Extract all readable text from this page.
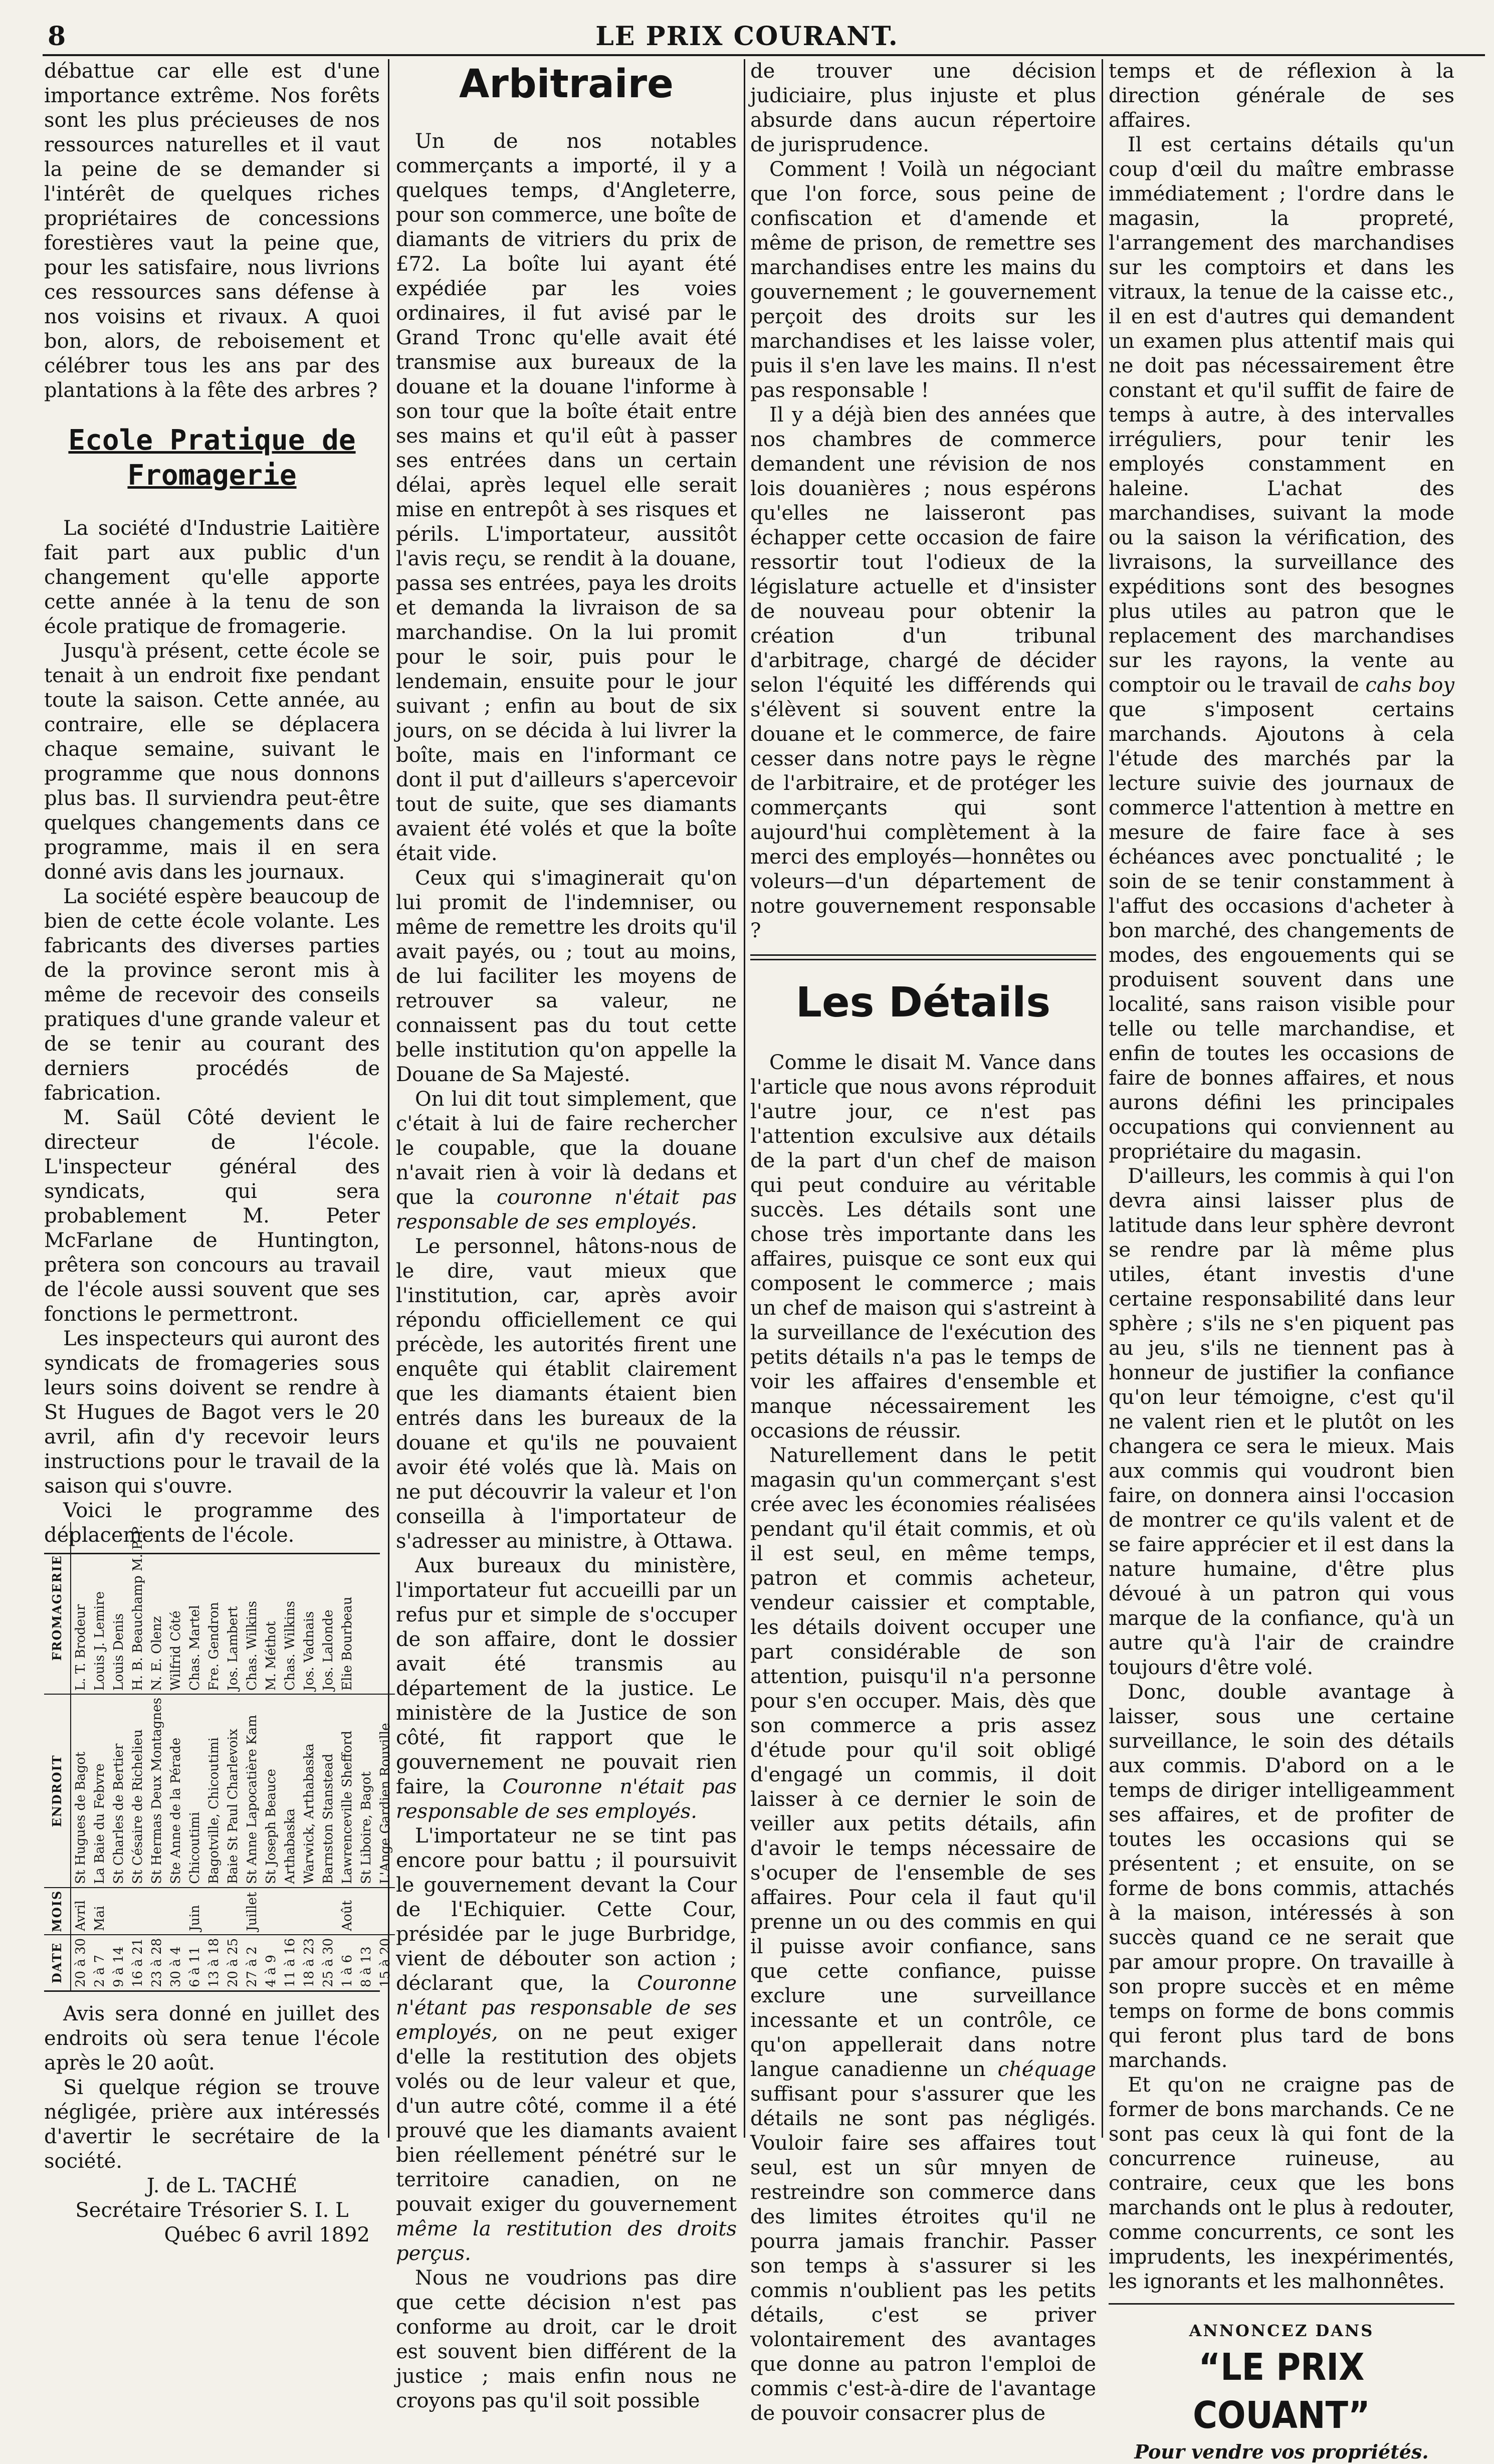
8	LE PRIX COURANT.

débattue car elle est d'une importance extrême. Nos forêts sont les plus précieuses de nos ressources naturelles et il vaut la peine de se demander si l'intérêt de quelques riches propriétaires de concessions forestières vaut la peine que, pour les satisfaire, nous livrions ces ressources sans défense à nos voisins et rivaux. A quoi bon, alors, de reboisement et célébrer tous les ans par des plantations à la fête des arbres ?

Ecole Pratique de Fromagerie

La société d'Industrie Laitière fait part aux public d'un changement qu'elle apporte cette année à la tenu de son école pratique de fromagerie.

Jusqu'à présent, cette école se tenait à un endroit fixe pendant toute la saison. Cette année, au contraire, elle se déplacera chaque semaine, suivant le programme que nous donnons plus bas. Il surviendra peut-être quelques changements dans ce programme, mais il en sera donné avis dans les journaux.

La société espère beaucoup de bien de cette école volante. Les fabricants des diverses parties de la province seront mis à même de recevoir des conseils pratiques d'une grande valeur et de se tenir au courant des derniers procédés de fabrication.

M. Saül Côté devient le directeur de l'école. L'inspecteur général des syndicats, qui sera probablement M. Peter McFarlane de Huntington, prêtera son concours au travail de l'école aussi souvent que ses fonctions le permettront.

Les inspecteurs qui auront des syndicats de fromageries sous leurs soins doivent se rendre à St Hugues de Bagot vers le 20 avril, afin d'y recevoir leurs instructions pour le travail de la saison qui s'ouvre.

Voici le programme des déplacements de l'école.

DATE	MOIS	ENDROIT	FROMAGERIE
20 à 30	Avril	St Hugues de Bagot	L. T. Brodeur
2 à 7	Mai	La Baie du Febvre	Louis J. Lemire
9 à 14		St Charles de Bertier	Louis Denis
16 à 21		St Césaire de Richelieu	H. B. Beauchamp M. P. P.
23 à 28		St Hermas Deux Montagnes	N. E. Olenz
30 à 4		Ste Anne de la Pérade	Wilfrid Côté
6 à 11	Juin	Chicoutimi	Chas. Martel
13 à 18		Bagotville, Chicoutimi	Fre. Gendron
20 à 25		Baie St Paul Charlevoix	Jos. Lambert
27 à 2	Juillet	St Anne Lapocatière Kam	Chas. Wilkins
4 à 9		St Joseph Beauce	M. Méthot
11 à 16		Arthabaska	Chas. Wilkins
18 à 23		Warwick, Arthabaska	Jos. Vadnais
25 à 30		Barnston Stanstead	Jos. Lalonde
1 à 6	Août	Lawrenceville Shefford	Elie Bourbeau
8 à 13		St Liboire, Bagot	
15 à 20		L'Ange Gardien Rouville	

Avis sera donné en juillet des endroits où sera tenue l'école après le 20 août.

Si quelque région se trouve négligée, prière aux intéressés d'avertir le secrétaire de la société.

J. de L. TACHÉ

Secrétaire Trésorier S. I. L

Québec 6 avril 1892

Arbitraire

Un de nos notables commerçants a importé, il y a quelques temps, d'Angleterre, pour son commerce, une boîte de diamants de vitriers du prix de £72. La boîte lui ayant été expédiée par les voies ordinaires, il fut avisé par le Grand Tronc qu'elle avait été transmise aux bureaux de la douane et la douane l'informe à son tour que la boîte était entre ses mains et qu'il eût à passer ses entrées dans un certain délai, après lequel elle serait mise en entrepôt à ses risques et périls. L'importateur, aussitôt l'avis reçu, se rendit à la douane, passa ses entrées, paya les droits et demanda la livraison de sa marchandise. On la lui promit pour le soir, puis pour le lendemain, ensuite pour le jour suivant ; enfin au bout de six jours, on se décida à lui livrer la boîte, mais en l'informant ce dont il put d'ailleurs s'apercevoir tout de suite, que ses diamants avaient été volés et que la boîte était vide.

Ceux qui s'imaginerait qu'on lui promit de l'indemniser, ou même de remettre les droits qu'il avait payés, ou ; tout au moins, de lui faciliter les moyens de retrouver sa valeur, ne connaissent pas du tout cette belle institution qu'on appelle la Douane de Sa Majesté.

On lui dit tout simplement, que c'était à lui de faire rechercher le coupable, que la douane n'avait rien à voir là dedans et que la couronne n'était pas responsable de ses employés.

Le personnel, hâtons-nous de le dire, vaut mieux que l'institution, car, après avoir répondu officiellement ce qui précède, les autorités firent une enquête qui établit clairement que les diamants étaient bien entrés dans les bureaux de la douane et qu'ils ne pouvaient avoir été volés que là. Mais on ne put découvrir la valeur et l'on conseilla à l'importateur de s'adresser au ministre, à Ottawa.

Aux bureaux du ministère, l'importateur fut accueilli par un refus pur et simple de s'occuper de son affaire, dont le dossier avait été transmis au département de la justice. Le ministère de la Justice de son côté, fit rapport que le gouvernement ne pouvait rien faire, la Couronne n'était pas responsable de ses employés.

L'importateur ne se tint pas encore pour battu ; il poursuivit le gouvernement devant la Cour de l'Echiquier. Cette Cour, présidée par le juge Burbridge, vient de débouter son action ; déclarant que, la Couronne n'étant pas responsable de ses employés, on ne peut exiger d'elle la restitution des objets volés ou de leur valeur et que, d'un autre côté, comme il a été prouvé que les diamants avaient bien réellement pénétré sur le territoire canadien, on ne pouvait exiger du gouvernement même la restitution des droits perçus.

Nous ne voudrions pas dire que cette décision n'est pas conforme au droit, car le droit est souvent bien différent de la justice ; mais enfin nous ne croyons pas qu'il soit possible

de trouver une décision judiciaire, plus injuste et plus absurde dans aucun répertoire de jurisprudence.

Comment ! Voilà un négociant que l'on force, sous peine de confiscation et d'amende et même de prison, de remettre ses marchandises entre les mains du gouvernement ; le gouvernement perçoit des droits sur les marchandises et les laisse voler, puis il s'en lave les mains. Il n'est pas responsable !

Il y a déjà bien des années que nos chambres de commerce demandent une révision de nos lois douanières ; nous espérons qu'elles ne laisseront pas échapper cette occasion de faire ressortir tout l'odieux de la législature actuelle et d'insister de nouveau pour obtenir la création d'un tribunal d'arbitrage, chargé de décider selon l'équité les différends qui s'élèvent si souvent entre la douane et le commerce, de faire cesser dans notre pays le règne de l'arbitraire, et de protéger les commerçants qui sont aujourd'hui complètement à la merci des employés—honnêtes ou voleurs—d'un département de notre gouvernement responsable ?

Les Détails

Comme le disait M. Vance dans l'article que nous avons réproduit l'autre jour, ce n'est pas l'attention exculsive aux détails de la part d'un chef de maison qui peut conduire au véritable succès. Les détails sont une chose très importante dans les affaires, puisque ce sont eux qui composent le commerce ; mais un chef de maison qui s'astreint à la surveillance de l'exécution des petits détails n'a pas le temps de voir les affaires d'ensemble et manque nécessairement les occasions de réussir.

Naturellement dans le petit magasin qu'un commerçant s'est crée avec les économies réalisées pendant qu'il était commis, et où il est seul, en même temps, patron et commis acheteur, vendeur caissier et comptable, les détails doivent occuper une part considérable de son attention, puisqu'il n'a personne pour s'en occuper. Mais, dès que son commerce a pris assez d'étude pour qu'il soit obligé d'engagé un commis, il doit laisser à ce dernier le soin de veiller aux petits détails, afin d'avoir le temps nécessaire de s'ocuper de l'ensemble de ses affaires. Pour cela il faut qu'il prenne un ou des commis en qui il puisse avoir confiance, sans que cette confiance, puisse exclure une surveillance incessante et un contrôle, ce qu'on appellerait dans notre langue canadienne un chéquage suffisant pour s'assurer que les détails ne sont pas négligés. Vouloir faire ses affaires tout seul, est un sûr mnyen de restreindre son commerce dans des limites étroites qu'il ne pourra jamais franchir. Passer son temps à s'assurer si les commis n'oublient pas les petits détails, c'est se priver volontairement des avantages que donne au patron l'emploi de commis c'est-à-dire de l'avantage de pouvoir consacrer plus de

temps et de réflexion à la direction générale de ses affaires.

Il est certains détails qu'un coup d'œil du maître embrasse immédiatement ; l'ordre dans le magasin, la propreté, l'arrangement des marchandises sur les comptoirs et dans les vitraux, la tenue de la caisse etc., il en est d'autres qui demandent un examen plus attentif mais qui ne doit pas nécessairement être constant et qu'il suffit de faire de temps à autre, à des intervalles irréguliers, pour tenir les employés constamment en haleine. L'achat des marchandises, suivant la mode ou la saison la vérification, des livraisons, la surveillance des expéditions sont des besognes plus utiles au patron que le replacement des marchandises sur les rayons, la vente au comptoir ou le travail de cahs boy que s'imposent certains marchands. Ajoutons à cela l'étude des marchés par la lecture suivie des journaux de commerce l'attention à mettre en mesure de faire face à ses échéances avec ponctualité ; le soin de se tenir constamment à l'affut des occasions d'acheter à bon marché, des changements de modes, des engouements qui se produisent souvent dans une localité, sans raison visible pour telle ou telle marchandise, et enfin de toutes les occasions de faire de bonnes affaires, et nous aurons défini les principales occupations qui conviennent au propriétaire du magasin.

D'ailleurs, les commis à qui l'on devra ainsi laisser plus de latitude dans leur sphère devront se rendre par là même plus utiles, étant investis d'une certaine responsabilité dans leur sphère ; s'ils ne s'en piquent pas au jeu, s'ils ne tiennent pas à honneur de justifier la confiance qu'on leur témoigne, c'est qu'il ne valent rien et le plutôt on les changera ce sera le mieux. Mais aux commis qui voudront bien faire, on donnera ainsi l'occasion de montrer ce qu'ils valent et de se faire apprécier et il est dans la nature humaine, d'être plus dévoué à un patron qui vous marque de la confiance, qu'à un autre qu'à l'air de craindre toujours d'être volé.

Donc, double avantage à laisser, sous une certaine surveillance, le soin des détails aux commis. D'abord on a le temps de diriger intelligeamment ses affaires, et de profiter de toutes les occasions qui se présentent ; et ensuite, on se forme de bons commis, attachés à la maison, intéressés à son succès quand ce ne serait que par amour propre. On travaille à son propre succès et en même temps on forme de bons commis qui feront plus tard de bons marchands.

Et qu'on ne craigne pas de former de bons marchands. Ce ne sont pas ceux là qui font de la concurrence ruineuse, au contraire, ceux que les bons marchands ont le plus à redouter, comme concurrents, ce sont les imprudents, les inexpérimentés, les ignorants et les malhonnêtes.

ANNONCEZ DANS
“LE PRIX COUANT”
Pour vendre vos propriétés.
